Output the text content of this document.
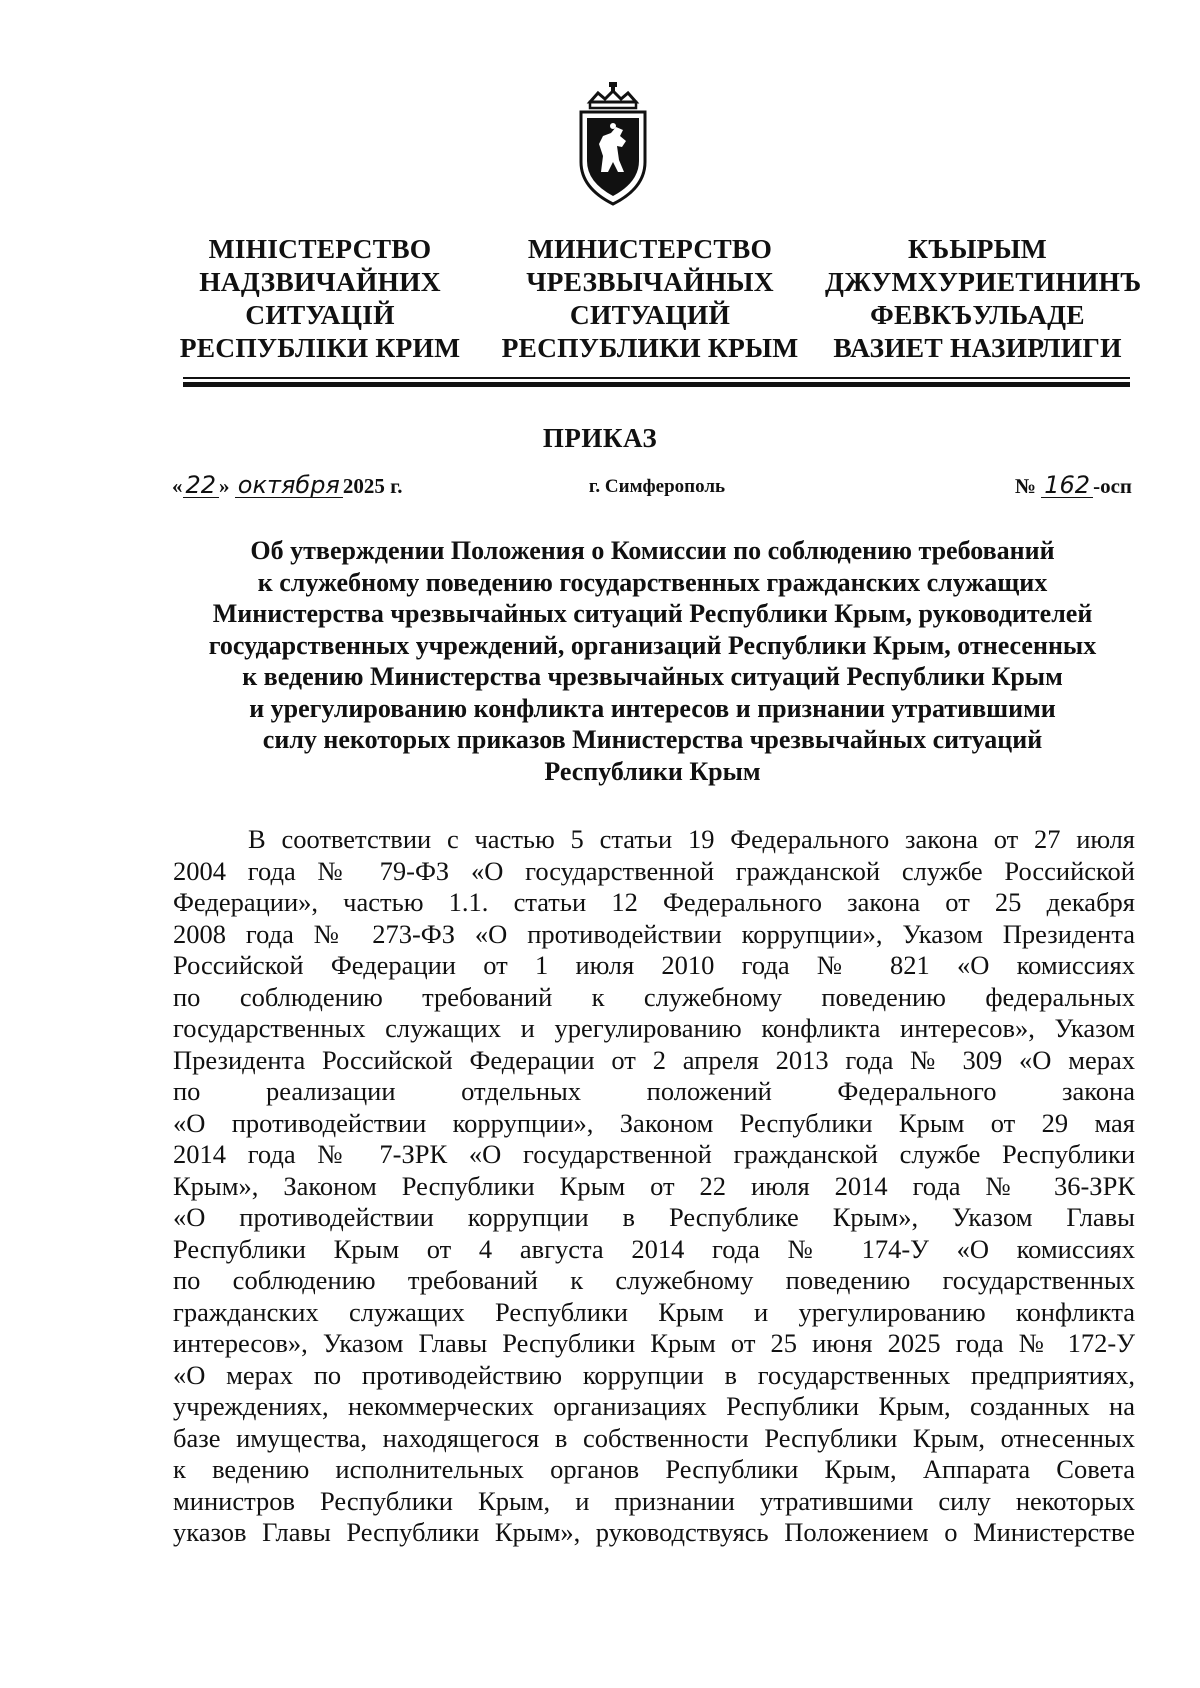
МІНІСТЕРСТВО
НАДЗВИЧАЙНИХ
СИТУАЦІЙ
РЕСПУБЛІКИ КРИМ
МИНИСТЕРСТВО
ЧРЕЗВЫЧАЙНЫХ
СИТУАЦИЙ
РЕСПУБЛИКИ КРЫМ
КЪЫРЫМ
ДЖУМХУРИЕТИНИНЪ
ФЕВКЪУЛЬАДЕ
ВАЗИЕТ НАЗИРЛИГИ
ПРИКАЗ
« 22 » октября 2025 г.	г. Симферополь	№ 162 -осп
Об утверждении Положения о Комиссии по соблюдению требований
к служебному поведению государственных гражданских служащих
Министерства чрезвычайных ситуаций Республики Крым, руководителей
государственных учреждений, организаций Республики Крым, отнесенных
к ведению Министерства чрезвычайных ситуаций Республики Крым
и урегулированию конфликта интересов и признании утратившими
силу некоторых приказов Министерства чрезвычайных ситуаций
Республики Крым
В соответствии с частью 5 статьи 19 Федерального закона от 27 июля
2004 года № 79-ФЗ «О государственной гражданской службе Российской
Федерации», частью 1.1. статьи 12 Федерального закона от 25 декабря
2008 года № 273-ФЗ «О противодействии коррупции», Указом Президента
Российской Федерации от 1 июля 2010 года № 821 «О комиссиях
по соблюдению требований к служебному поведению федеральных
государственных служащих и урегулированию конфликта интересов», Указом
Президента Российской Федерации от 2 апреля 2013 года № 309 «О мерах
по реализации отдельных положений Федерального закона
«О противодействии коррупции», Законом Республики Крым от 29 мая
2014 года № 7-ЗРК «О государственной гражданской службе Республики
Крым», Законом Республики Крым от 22 июля 2014 года № 36-ЗРК
«О противодействии коррупции в Республике Крым», Указом Главы
Республики Крым от 4 августа 2014 года № 174-У «О комиссиях
по соблюдению требований к служебному поведению государственных
гражданских служащих Республики Крым и урегулированию конфликта
интересов», Указом Главы Республики Крым от 25 июня 2025 года № 172-У
«О мерах по противодействию коррупции в государственных предприятиях,
учреждениях, некоммерческих организациях Республики Крым, созданных на
базе имущества, находящегося в собственности Республики Крым, отнесенных
к ведению исполнительных органов Республики Крым, Аппарата Совета
министров Республики Крым, и признании утратившими силу некоторых
указов Главы Республики Крым», руководствуясь Положением о Министерстве
